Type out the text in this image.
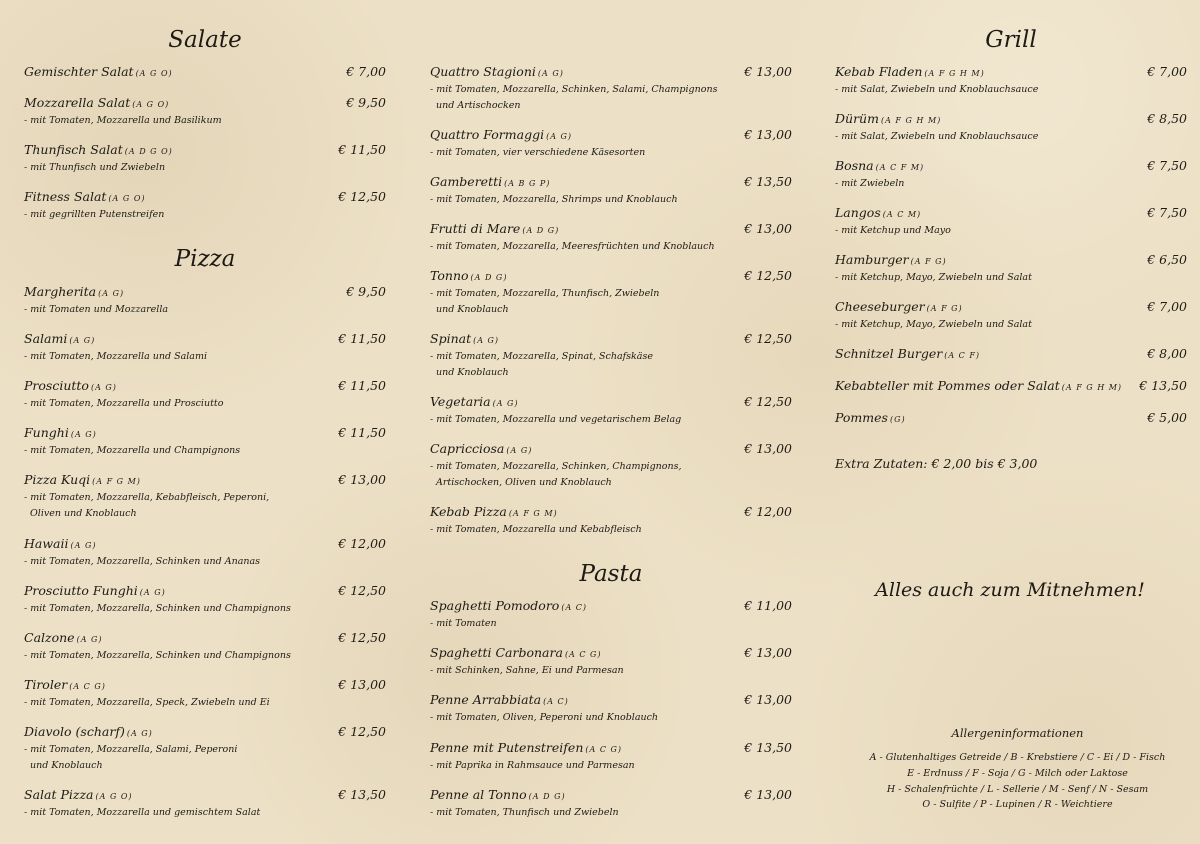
Salate
Gemischter Salat (A G O)	€ 7,00
Mozzarella Salat (A G O)	€ 9,50
- mit Tomaten, Mozzarella und Basilikum
Thunfisch Salat (A D G O)	€ 11,50
- mit Thunfisch und Zwiebeln
Fitness Salat (A G O)	€ 12,50
- mit gegrillten Putenstreifen
Pizza
Margherita (A G)	€ 9,50
- mit Tomaten und Mozzarella
Salami (A G)	€ 11,50
- mit Tomaten, Mozzarella und Salami
Prosciutto (A G)	€ 11,50
- mit Tomaten, Mozzarella und Prosciutto
Funghi (A G)	€ 11,50
- mit Tomaten, Mozzarella und Champignons
Pizza Kuqi (A F G M)	€ 13,00
- mit Tomaten, Mozzarella, Kebabfleisch, Peperoni,
Oliven und Knoblauch
Hawaii (A G)	€ 12,00
- mit Tomaten, Mozzarella, Schinken und Ananas
Prosciutto Funghi (A G)	€ 12,50
- mit Tomaten, Mozzarella, Schinken und Champignons
Calzone (A G)	€ 12,50
- mit Tomaten, Mozzarella, Schinken und Champignons
Tiroler (A C G)	€ 13,00
- mit Tomaten, Mozzarella, Speck, Zwiebeln und Ei
Diavolo (scharf) (A G)	€ 12,50
- mit Tomaten, Mozzarella, Salami, Peperoni
und Knoblauch
Salat Pizza (A G O)	€ 13,50
- mit Tomaten, Mozzarella und gemischtem Salat
Quattro Stagioni (A G)	€ 13,00
- mit Tomaten, Mozzarella, Schinken, Salami, Champignons
und Artischocken
Quattro Formaggi (A G)	€ 13,00
- mit Tomaten, vier verschiedene Käsesorten
Gamberetti (A B G P)	€ 13,50
- mit Tomaten, Mozzarella, Shrimps und Knoblauch
Frutti di Mare (A D G)	€ 13,00
- mit Tomaten, Mozzarella, Meeresfrüchten und Knoblauch
Tonno (A D G)	€ 12,50
- mit Tomaten, Mozzarella, Thunfisch, Zwiebeln
und Knoblauch
Spinat (A G)	€ 12,50
- mit Tomaten, Mozzarella, Spinat, Schafskäse
und Knoblauch
Vegetaria (A G)	€ 12,50
- mit Tomaten, Mozzarella und vegetarischem Belag
Capricciosa (A G)	€ 13,00
- mit Tomaten, Mozzarella, Schinken, Champignons,
Artischocken, Oliven und Knoblauch
Kebab Pizza (A F G M)	€ 12,00
- mit Tomaten, Mozzarella und Kebabfleisch
Pasta
Spaghetti Pomodoro (A C)	€ 11,00
- mit Tomaten
Spaghetti Carbonara (A C G)	€ 13,00
- mit Schinken, Sahne, Ei und Parmesan
Penne Arrabbiata (A C)	€ 13,00
- mit Tomaten, Oliven, Peperoni und Knoblauch
Penne mit Putenstreifen (A C G)	€ 13,50
- mit Paprika in Rahmsauce und Parmesan
Penne al Tonno (A D G)	€ 13,00
- mit Tomaten, Thunfisch und Zwiebeln
Grill
Kebab Fladen (A F G H M)	€ 7,00
- mit Salat, Zwiebeln und Knoblauchsauce
Dürüm (A F G H M)	€ 8,50
- mit Salat, Zwiebeln und Knoblauchsauce
Bosna (A C F M)	€ 7,50
- mit Zwiebeln
Langos (A C M)	€ 7,50
- mit Ketchup und Mayo
Hamburger (A F G)	€ 6,50
- mit Ketchup, Mayo, Zwiebeln und Salat
Cheeseburger (A F G)	€ 7,00
- mit Ketchup, Mayo, Zwiebeln und Salat
Schnitzel Burger (A C F)	€ 8,00
Kebabteller mit Pommes oder Salat (A F G H M) € 13,50
Pommes (G)	€ 5,00
Extra Zutaten: € 2,00 bis € 3,00
Alles auch zum Mitnehmen!
Allergeninformationen
A - Glutenhaltiges Getreide / B - Krebstiere / C - Ei / D - Fisch
E - Erdnuss / F - Soja / G - Milch oder Laktose
H - Schalenfrüchte / L - Sellerie / M - Senf / N - Sesam
O - Sulfite / P - Lupinen / R - Weichtiere
